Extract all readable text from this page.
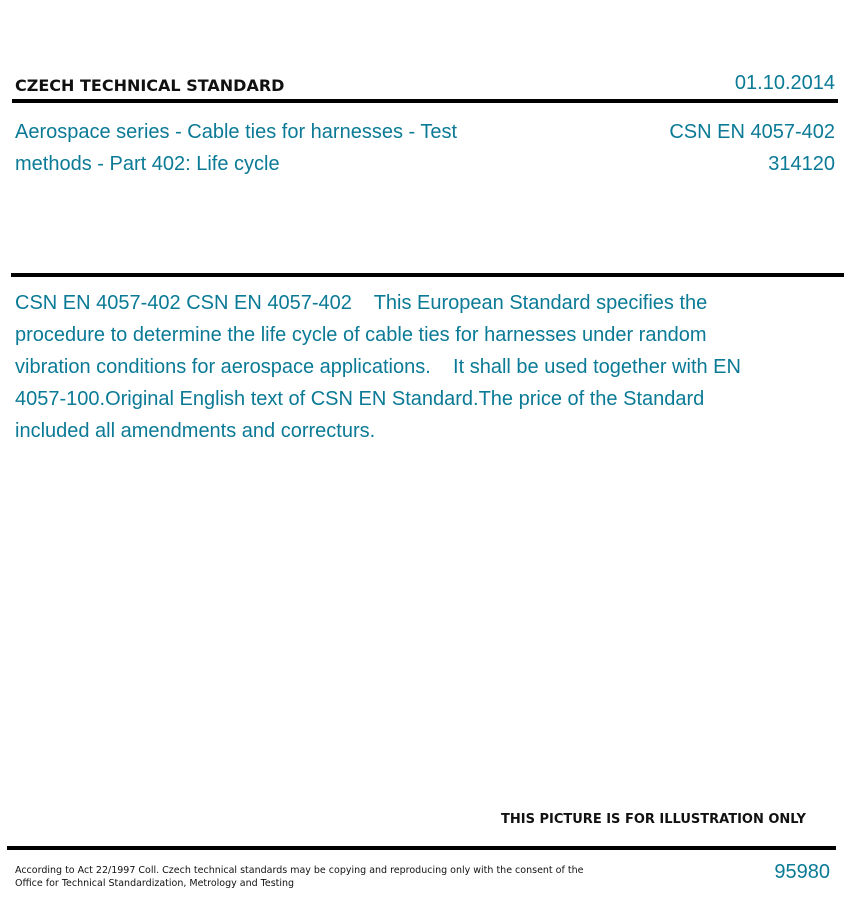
CZECH TECHNICAL STANDARD	01.10.2014
Aerospace series - Cable ties for harnesses - Test methods - Part 402: Life cycle
CSN EN 4057-402
314120
CSN EN 4057-402 CSN EN 4057-402    This European Standard specifies the procedure to determine the life cycle of cable ties for harnesses under random vibration conditions for aerospace applications.    It shall be used together with EN 4057-100.Original English text of CSN EN Standard.The price of the Standard included all amendments and correcturs.
THIS PICTURE IS FOR ILLUSTRATION ONLY
According to Act 22/1997 Coll. Czech technical standards may be copying and reproducing only with the consent of the Office for Technical Standardization, Metrology and Testing
95980
